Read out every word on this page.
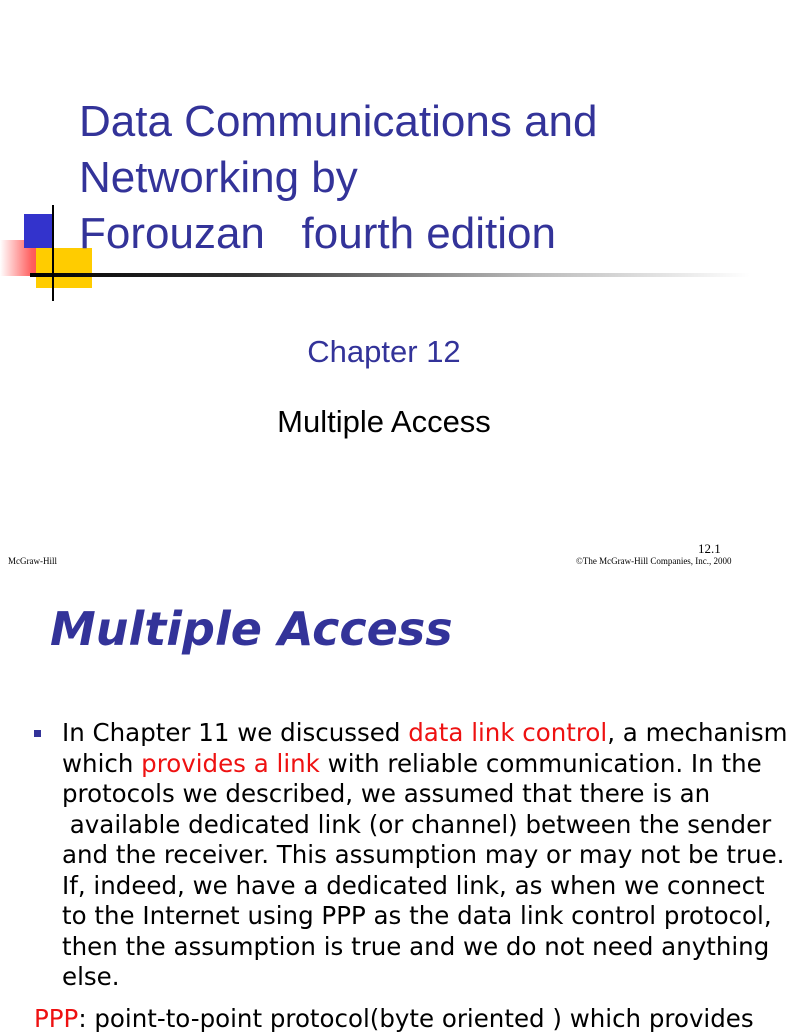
Data Communications and
Networking by
Forouzan   fourth edition
Chapter 12
Multiple Access
McGraw-Hill
12.1
©The McGraw-Hill Companies, Inc., 2000
Multiple Access
In Chapter 11 we discussed data link control, a mechanism
which provides a link with reliable communication. In the
protocols we described, we assumed that there is an
available dedicated link (or channel) between the sender
and the receiver. This assumption may or may not be true.
If, indeed, we have a dedicated link, as when we connect
to the Internet using PPP as the data link control protocol,
then the assumption is true and we do not need anything
else.
PPP: point-to-point protocol(byte oriented ) which provides
